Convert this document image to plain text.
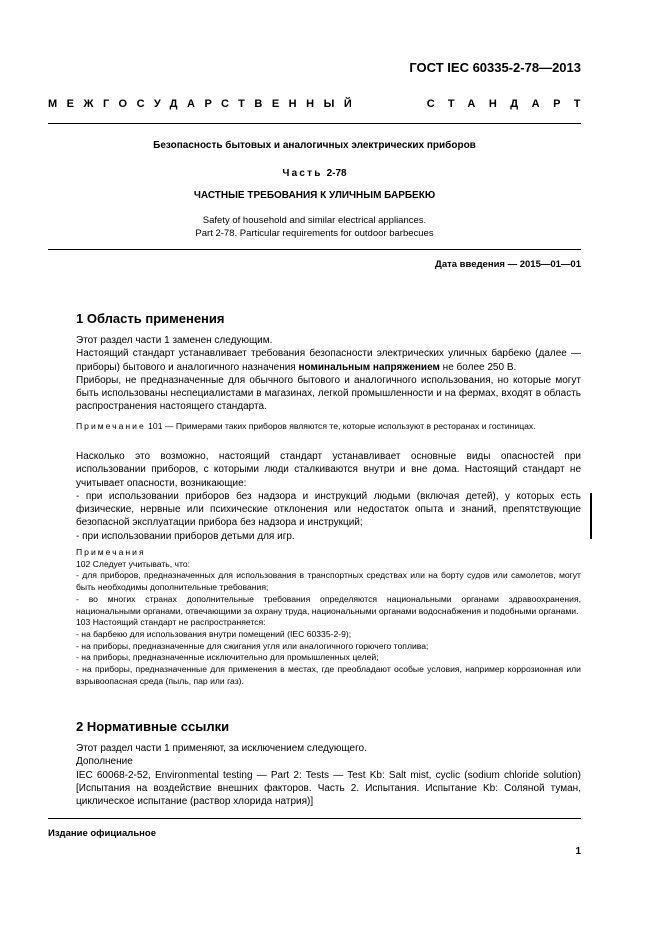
ГОСТ IEC 60335-2-78—2013
МЕЖГОСУДАРСТВЕННЫЙ	СТАНДАРТ
Безопасность бытовых и аналогичных электрических приборов
Часть 2-78
ЧАСТНЫЕ ТРЕБОВАНИЯ К УЛИЧНЫМ БАРБЕКЮ
Safety of household and similar electrical appliances.
Part 2-78. Particular requirements for outdoor barbecues
Дата введения — 2015—01—01
1 Область применения

Этот раздел части 1 заменен следующим.

Настоящий стандарт устанавливает требования безопасности электрических уличных барбекю (далее — приборы) бытового и аналогичного назначения номинальным напряжением не более 250 В.

Приборы, не предназначенные для обычного бытового и аналогичного использования, но которые могут быть использованы неспециалистами в магазинах, легкой промышленности и на фермах, входят в область распространения настоящего стандарта.

Примечание 101 — Примерами таких приборов являются те, которые используют в ресторанах и гостиницах.

Насколько это возможно, настоящий стандарт устанавливает основные виды опасностей при использовании приборов, с которыми люди сталкиваются внутри и вне дома. Настоящий стандарт не учитывает опасности, возникающие:

- при использовании приборов без надзора и инструкций людьми (включая детей), у которых есть физические, нервные или психические отклонения или недостаток опыта и знаний, препятствующие безопасной эксплуатации прибора без надзора и инструкций;

- при использовании приборов детьми для игр.

Примечания

102 Следует учитывать, что:

- для приборов, предназначенных для использования в транспортных средствах или на борту судов или самолетов, могут быть необходимы дополнительные требования;

- во многих странах дополнительные требования определяются национальными органами здравоохранения, национальными органами, отвечающими за охрану труда, национальными органами водоснабжения и подобными органами.

103 Настоящий стандарт не распространяется:

- на барбекю для использования внутри помещений (IEC 60335-2-9);

- на приборы, предназначенные для сжигания угля или аналогичного горючего топлива;

- на приборы, предназначенные исключительно для промышленных целей;

- на приборы, предназначенные для применения в местах, где преобладают особые условия, например коррозионная или взрывоопасная среда (пыль, пар или газ).

2 Нормативные ссылки

Этот раздел части 1 применяют, за исключением следующего.

Дополнение

IEC 60068-2-52, Environmental testing — Part 2: Tests — Test Kb: Salt mist, cyclic (sodium chloride solution) [Испытания на воздействие внешних факторов. Часть 2. Испытания. Испытание Kb: Соляной туман, циклическое испытание (раствор хлорида натрия)]

Издание официальное
1
